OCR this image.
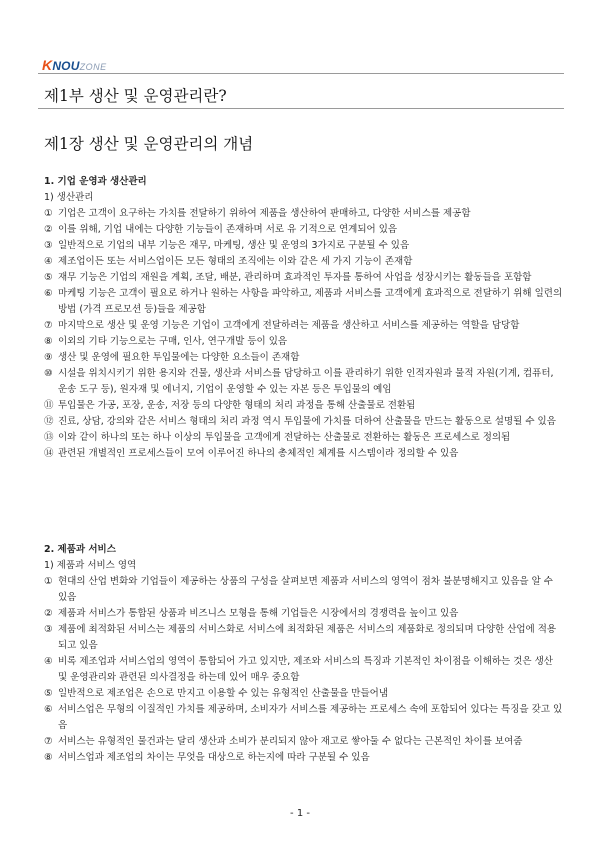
KNOUZONE
제1부 생산 및 운영관리란?
제1장 생산 및 운영관리의 개념
1. 기업 운영과 생산관리
1) 생산관리
① 기업은 고객이 요구하는 가치를 전달하기 위하여 제품을 생산하여 판매하고, 다양한 서비스를 제공함
② 이를 위해, 기업 내에는 다양한 기능들이 존재하며 서로 유 기적으로 연계되어 있음
③ 일반적으로 기업의 내부 기능은 재무, 마케팅, 생산 및 운영의 3가지로 구분될 수 있음
④ 제조업이든 또는 서비스업이든 모든 형태의 조직에는 이와 같은 세 가지 기능이 존재함
⑤ 재무 기능은 기업의 재원을 계획, 조달, 배분, 관리하며 효과적인 투자를 통하여 사업을 성장시키는 활동들을 포함함
⑥ 마케팅 기능은 고객이 필요로 하거나 원하는 사항을 파악하고, 제품과 서비스를 고객에게 효과적으로 전달하기 위해 일련의 방법 (가격 프로모션 등)들을 제공함
⑦ 마지막으로 생산 및 운영 기능은 기업이 고객에게 전달하려는 제품을 생산하고 서비스를 제공하는 역할을 담당함
⑧ 이외의 기타 기능으로는 구매, 인사, 연구개발 등이 있음
⑨ 생산 및 운영에 필요한 투입물에는 다양한 요소들이 존재함
⑩ 시설을 위치시키기 위한 용지와 건물, 생산과 서비스를 담당하고 이를 관리하기 위한 인적자원과 물적 자원(기계, 컴퓨터, 운송 도구 등), 원자재 및 에너지, 기업이 운영할 수 있는 자본 등은 투입물의 예임
⑪ 투입물은 가공, 포장, 운송, 저장 등의 다양한 형태의 처리 과정을 통해 산출물로 전환됨
⑫ 진료, 상담, 강의와 같은 서비스 형태의 처리 과정 역시 투입물에 가치를 더하여 산출물을 만드는 활동으로 설명될 수 있음
⑬ 이와 같이 하나의 또는 하나 이상의 투입물을 고객에게 전달하는 산출물로 전환하는 활동은 프로세스로 정의됨
⑭ 관련된 개별적인 프로세스들이 모여 이루어진 하나의 총체적인 체계를 시스템이라 정의할 수 있음
2. 제품과 서비스
1) 제품과 서비스 영역
① 현대의 산업 변화와 기업들이 제공하는 상품의 구성을 살펴보면 제품과 서비스의 영역이 점차 불분명해지고 있음을 알 수 있음
② 제품과 서비스가 통합된 상품과 비즈니스 모형을 통해 기업들은 시장에서의 경쟁력을 높이고 있음
③ 제품에 최적화된 서비스는 제품의 서비스화로 서비스에 최적화된 제품은 서비스의 제품화로 정의되며 다양한 산업에 적용되고 있음
④ 비록 제조업과 서비스업의 영역이 통합되어 가고 있지만, 제조와 서비스의 특징과 기본적인 차이점을 이해하는 것은 생산 및 운영관리와 관련된 의사결정을 하는데 있어 매우 중요함
⑤ 일반적으로 제조업은 손으로 만지고 이용할 수 있는 유형적인 산출물을 만들어냄
⑥ 서비스업은 무형의 이질적인 가치를 제공하며, 소비자가 서비스를 제공하는 프로세스 속에 포함되어 있다는 특징을 갖고 있음
⑦ 서비스는 유형적인 물건과는 달리 생산과 소비가 분리되지 않아 재고로 쌓아둘 수 없다는 근본적인 차이를 보여줌
⑧ 서비스업과 제조업의 차이는 무엇을 대상으로 하는지에 따라 구분될 수 있음
- 1 -
